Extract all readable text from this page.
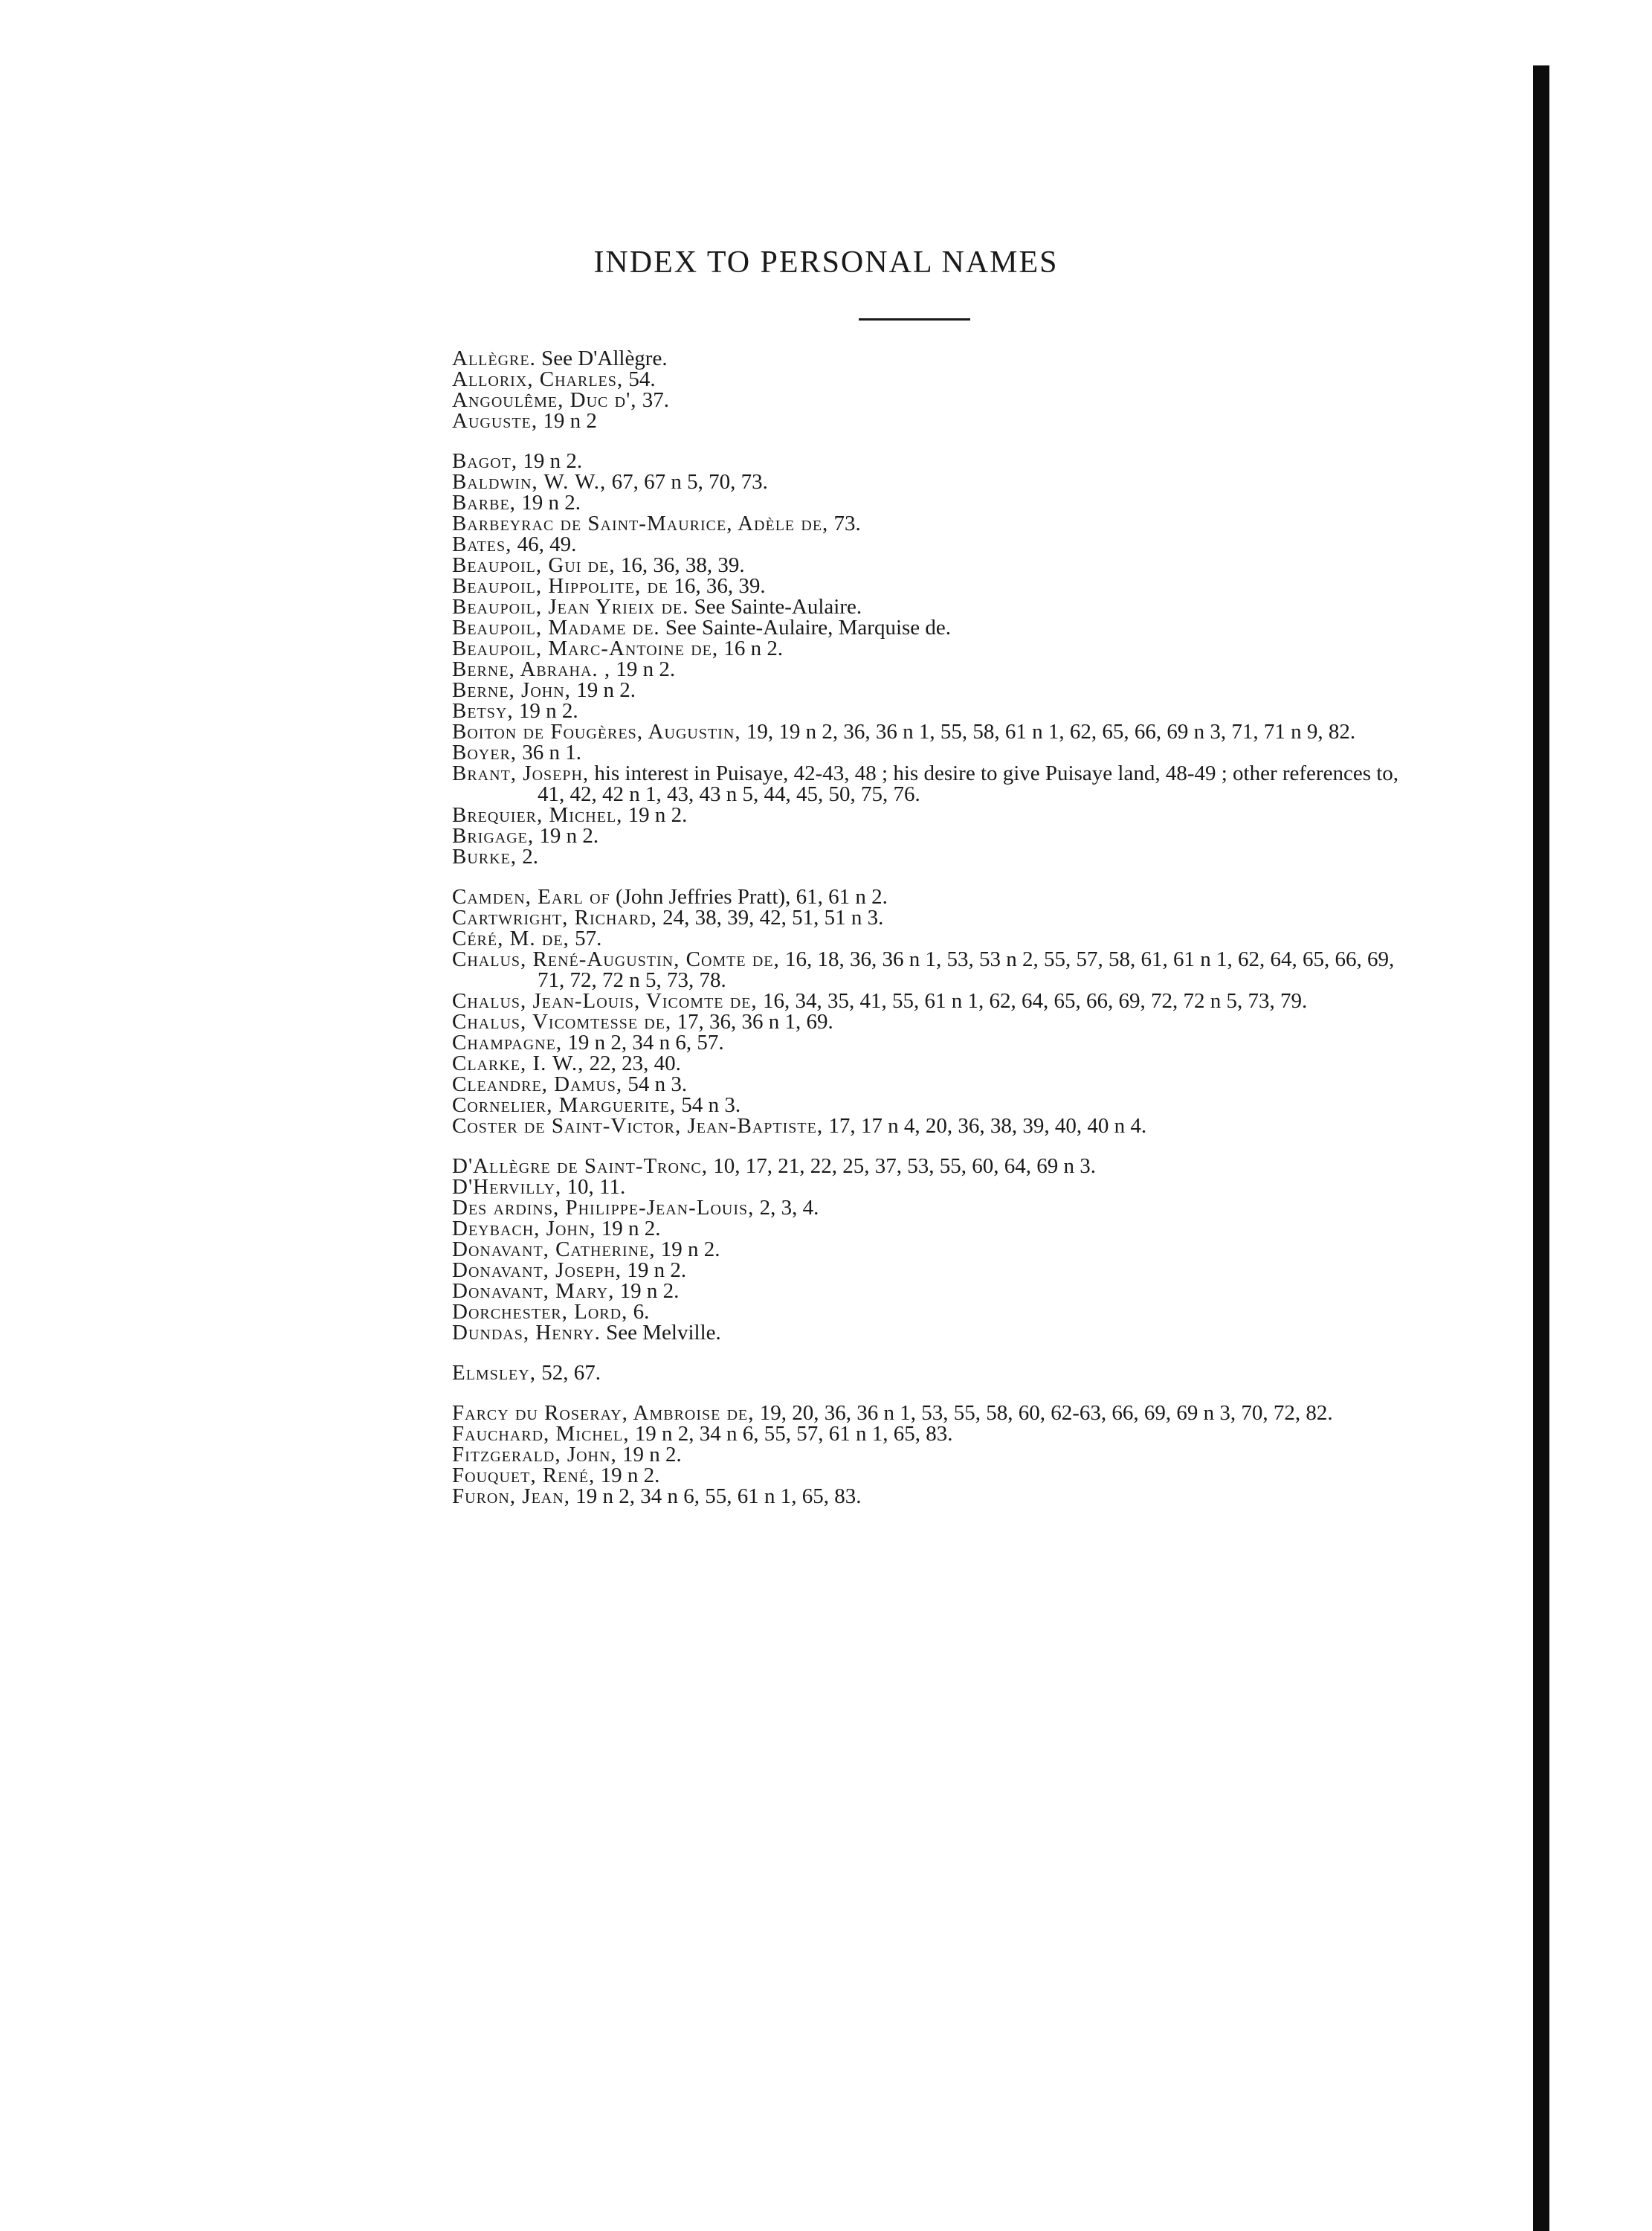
INDEX TO PERSONAL NAMES
Allègre. See D'Allègre.
Allorix, Charles, 54.
Angoulême, Duc d', 37.
Auguste, 19 n 2
Bagot, 19 n 2.
Baldwin, W. W., 67, 67 n 5, 70, 73.
Barbe, 19 n 2.
Barbeyrac de Saint-Maurice, Adèle de, 73.
Bates, 46, 49.
Beaupoil, Gui de, 16, 36, 38, 39.
Beaupoil, Hippolite, de 16, 36, 39.
Beaupoil, Jean Yrieix de. See Sainte-Aulaire.
Beaupoil, Madame de. See Sainte-Aulaire, Marquise de.
Beaupoil, Marc-Antoine de, 16 n 2.
Berne, Abraha. , 19 n 2.
Berne, John, 19 n 2.
Betsy, 19 n 2.
Boiton de Fougères, Augustin, 19, 19 n 2, 36, 36 n 1, 55, 58, 61 n 1, 62, 65, 66, 69 n 3, 71, 71 n 9, 82.
Boyer, 36 n 1.
Brant, Joseph, his interest in Puisaye, 42-43, 48 ; his desire to give Puisaye land, 48-49 ; other references to, 41, 42, 42 n 1, 43, 43 n 5, 44, 45, 50, 75, 76.
Brequier, Michel, 19 n 2.
Brigage, 19 n 2.
Burke, 2.
Camden, Earl of (John Jeffries Pratt), 61, 61 n 2.
Cartwright, Richard, 24, 38, 39, 42, 51, 51 n 3.
Céré, M. de, 57.
Chalus, René-Augustin, Comte de, 16, 18, 36, 36 n 1, 53, 53 n 2, 55, 57, 58, 61, 61 n 1, 62, 64, 65, 66, 69, 71, 72, 72 n 5, 73, 78.
Chalus, Jean-Louis, Vicomte de, 16, 34, 35, 41, 55, 61 n 1, 62, 64, 65, 66, 69, 72, 72 n 5, 73, 79.
Chalus, Vicomtesse de, 17, 36, 36 n 1, 69.
Champagne, 19 n 2, 34 n 6, 57.
Clarke, I. W., 22, 23, 40.
Cleandre, Damus, 54 n 3.
Cornelier, Marguerite, 54 n 3.
Coster de Saint-Victor, Jean-Baptiste, 17, 17 n 4, 20, 36, 38, 39, 40, 40 n 4.
D'Allègre de Saint-Tronc, 10, 17, 21, 22, 25, 37, 53, 55, 60, 64, 69 n 3.
D'Hervilly, 10, 11.
Des ardins, Philippe-Jean-Louis, 2, 3, 4.
Deybach, John, 19 n 2.
Donavant, Catherine, 19 n 2.
Donavant, Joseph, 19 n 2.
Donavant, Mary, 19 n 2.
Dorchester, Lord, 6.
Dundas, Henry. See Melville.
Elmsley, 52, 67.
Farcy du Roseray, Ambroise de, 19, 20, 36, 36 n 1, 53, 55, 58, 60, 62-63, 66, 69, 69 n 3, 70, 72, 82.
Fauchard, Michel, 19 n 2, 34 n 6, 55, 57, 61 n 1, 65, 83.
Fitzgerald, John, 19 n 2.
Fouquet, René, 19 n 2.
Furon, Jean, 19 n 2, 34 n 6, 55, 61 n 1, 65, 83.
